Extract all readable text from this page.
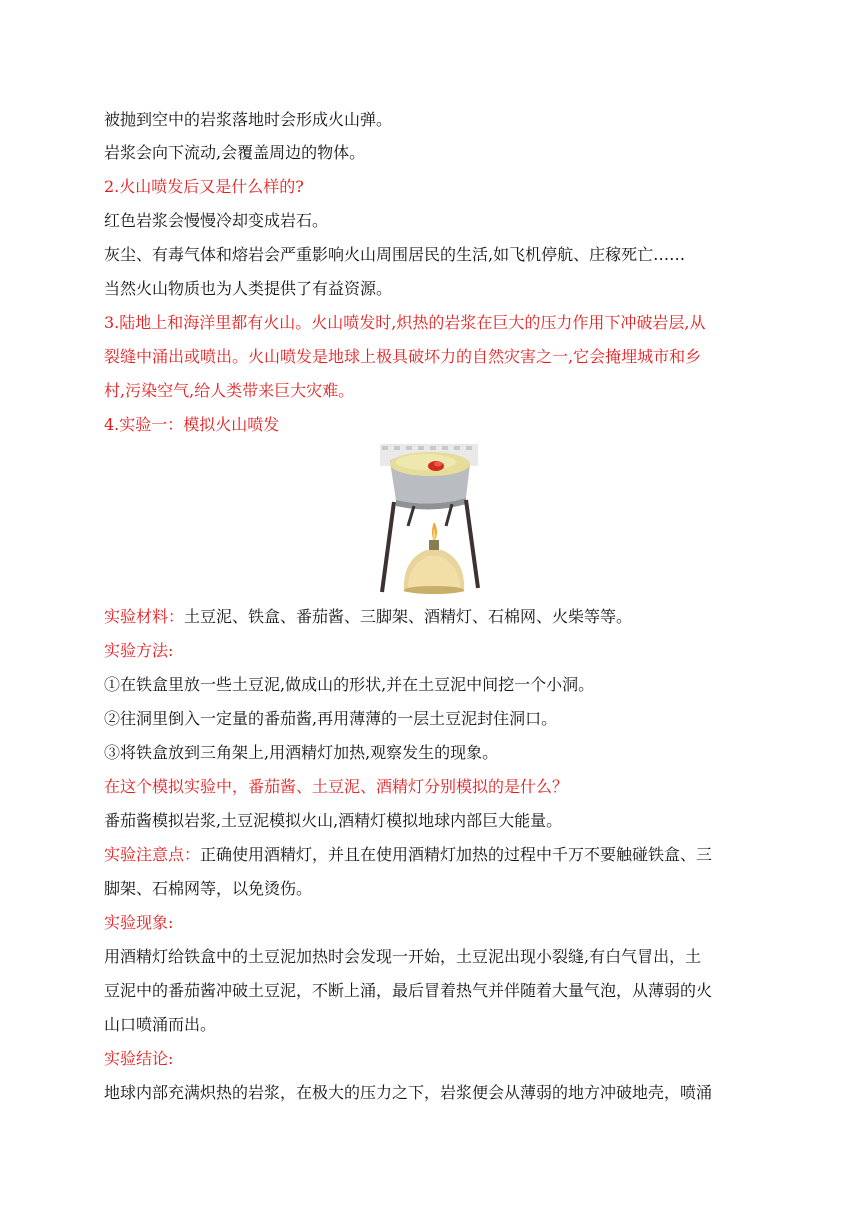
被抛到空中的岩浆落地时会形成火山弹。
岩浆会向下流动,会覆盖周边的物体。
2.火山喷发后又是什么样的?
红色岩浆会慢慢冷却变成岩石。
灰尘、有毒气体和熔岩会严重影响火山周围居民的生活,如飞机停航、庄稼死亡……
当然火山物质也为人类提供了有益资源。
3.陆地上和海洋里都有火山。火山喷发时,炽热的岩浆在巨大的压力作用下冲破岩层,从
裂缝中涌出或喷出。火山喷发是地球上极具破坏力的自然灾害之一,它会掩埋城市和乡
村,污染空气,给人类带来巨大灾难。
4.实验一：模拟火山喷发
实验材料：土豆泥、铁盒、番茄酱、三脚架、酒精灯、石棉网、火柴等等。
实验方法:
①在铁盒里放一些土豆泥,做成山的形状,并在土豆泥中间挖一个小洞。
②往洞里倒入一定量的番茄酱,再用薄薄的一层土豆泥封住洞口。
③将铁盒放到三角架上,用酒精灯加热,观察发生的现象。
在这个模拟实验中，番茄酱、土豆泥、酒精灯分别模拟的是什么？
番茄酱模拟岩浆,土豆泥模拟火山,酒精灯模拟地球内部巨大能量。
实验注意点：正确使用酒精灯，并且在使用酒精灯加热的过程中千万不要触碰铁盒、三
脚架、石棉网等，以免烫伤。
实验现象:
用酒精灯给铁盒中的土豆泥加热时会发现一开始，土豆泥出现小裂缝,有白气冒出，土
豆泥中的番茄酱冲破土豆泥，不断上涌，最后冒着热气并伴随着大量气泡，从薄弱的火
山口喷涌而出。
实验结论:
地球内部充满炽热的岩浆，在极大的压力之下，岩浆便会从薄弱的地方冲破地壳，喷涌
